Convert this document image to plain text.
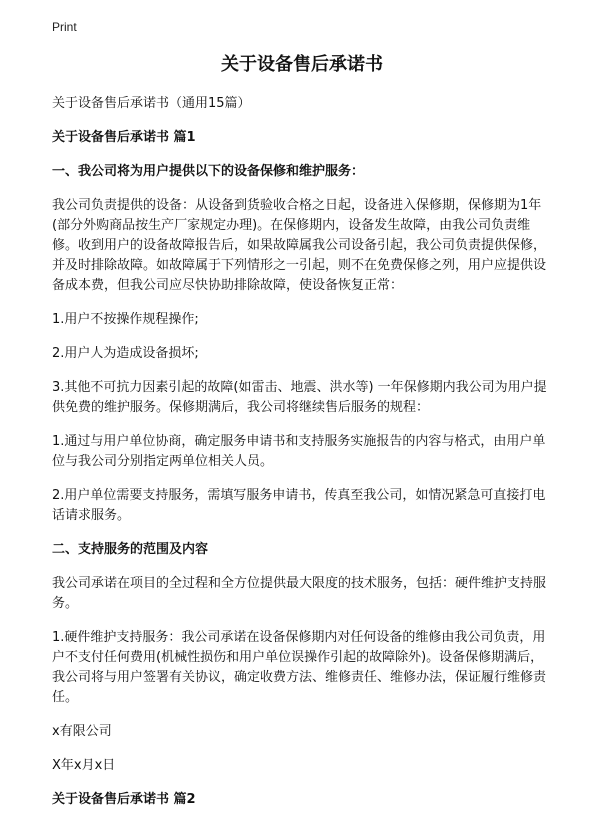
Print
关于设备售后承诺书
关于设备售后承诺书（通用15篇）
关于设备售后承诺书 篇1
一、我公司将为用户提供以下的设备保修和维护服务：
我公司负责提供的设备：从设备到货验收合格之日起，设备进入保修期，保修期为1年(部分外购商品按生产厂家规定办理)。在保修期内，设备发生故障，由我公司负责维修。收到用户的设备故障报告后，如果故障属我公司设备引起，我公司负责提供保修，并及时排除故障。如故障属于下列情形之一引起，则不在免费保修之列，用户应提供设备成本费，但我公司应尽快协助排除故障，使设备恢复正常：
1.用户不按操作规程操作;
2.用户人为造成设备损坏;
3.其他不可抗力因素引起的故障(如雷击、地震、洪水等) 一年保修期内我公司为用户提供免费的维护服务。保修期满后，我公司将继续售后服务的规程：
1.通过与用户单位协商，确定服务申请书和支持服务实施报告的内容与格式，由用户单位与我公司分别指定两单位相关人员。
2.用户单位需要支持服务，需填写服务申请书，传真至我公司，如情况紧急可直接打电话请求服务。
二、支持服务的范围及内容
我公司承诺在项目的全过程和全方位提供最大限度的技术服务，包括：硬件维护支持服务。
1.硬件维护支持服务：我公司承诺在设备保修期内对任何设备的维修由我公司负责，用户不支付任何费用(机械性损伤和用户单位误操作引起的故障除外)。设备保修期满后，我公司将与用户签署有关协议，确定收费方法、维修责任、维修办法，保证履行维修责任。
x有限公司
X年x月x日
关于设备售后承诺书 篇2
